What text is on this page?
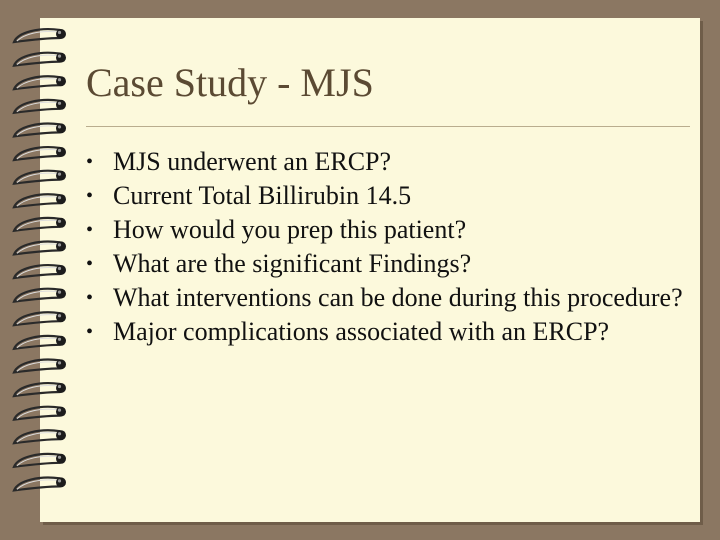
Case Study - MJS
• MJS underwent an ERCP?
• Current Total Billirubin 14.5
• How would you prep this patient?
• What are the significant Findings?
• What interventions can be done during this procedure?
• Major complications associated with an ERCP?
